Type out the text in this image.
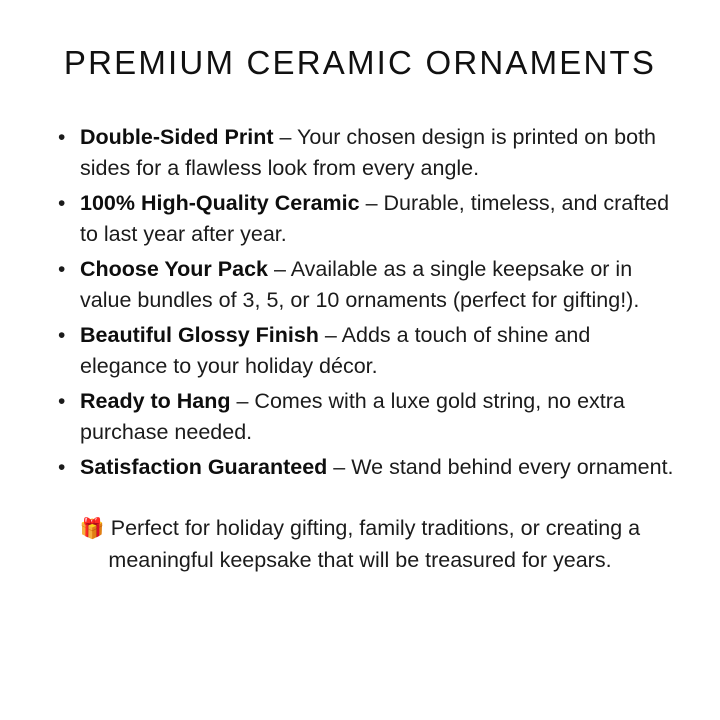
PREMIUM CERAMIC ORNAMENTS
• Double-Sided Print – Your chosen design is printed on both sides for a flawless look from every angle.
• 100% High-Quality Ceramic – Durable, timeless, and crafted to last year after year.
• Choose Your Pack – Available as a single keepsake or in value bundles of 3, 5, or 10 ornaments (perfect for gifting!).
• Beautiful Glossy Finish – Adds a touch of shine and elegance to your holiday décor.
• Ready to Hang – Comes with a luxe gold string, no extra purchase needed.
• Satisfaction Guaranteed – We stand behind every ornament.
🎁 Perfect for holiday gifting, family traditions, or creating a meaningful keepsake that will be treasured for years.
